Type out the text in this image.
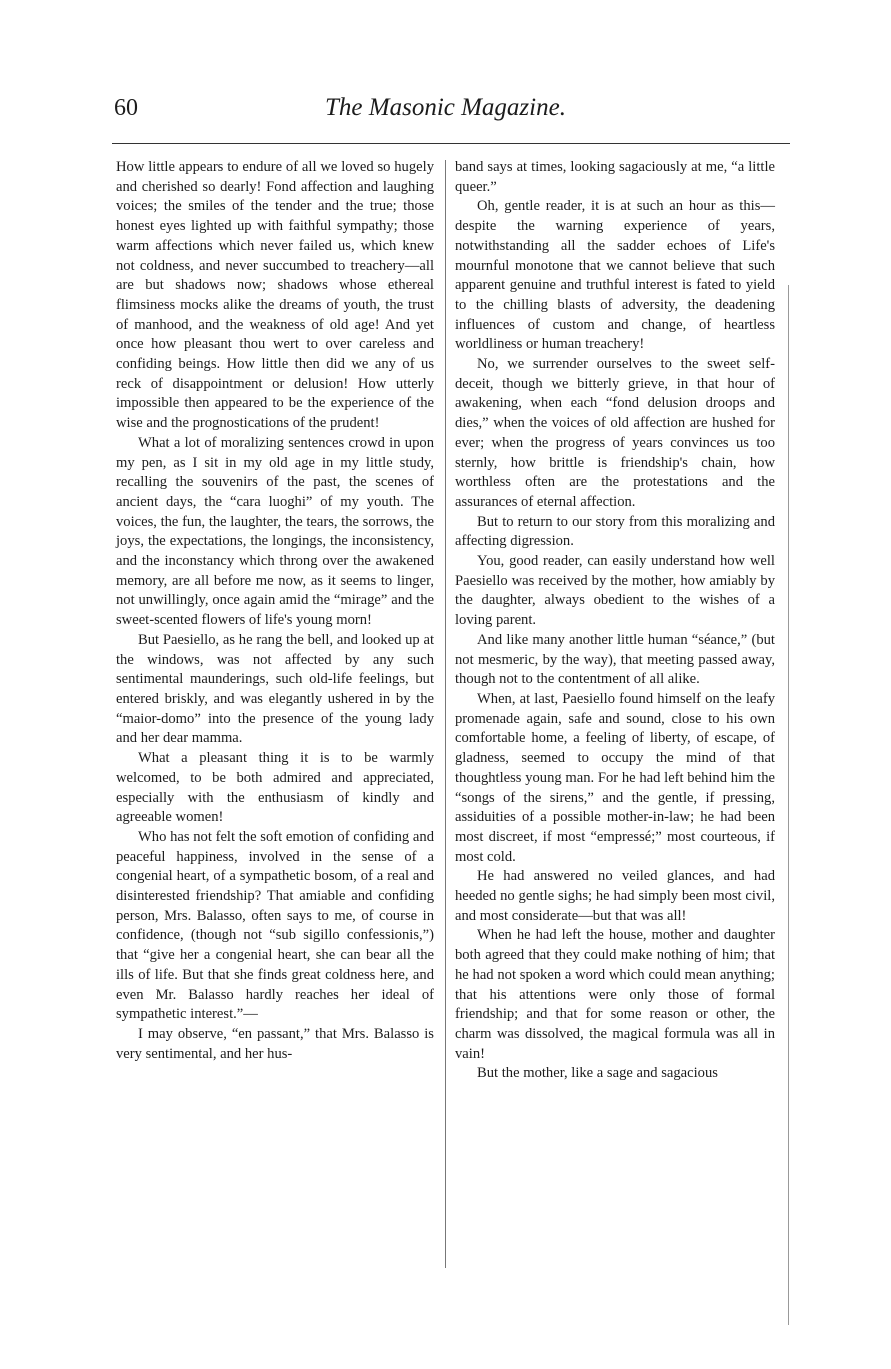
60	The Masonic Magazine.

How little appears to endure of all we loved so hugely and cherished so dearly! Fond affection and laughing voices; the smiles of the tender and the true; those honest eyes lighted up with faithful sympathy; those warm affections which never failed us, which knew not coldness, and never succumbed to treachery—all are but shadows now; shadows whose ethereal flimsiness mocks alike the dreams of youth, the trust of manhood, and the weakness of old age! And yet once how pleasant thou wert to over careless and confiding beings. How little then did we any of us reck of disappointment or delusion! How utterly impossible then appeared to be the experience of the wise and the prognostications of the prudent!

What a lot of moralizing sentences crowd in upon my pen, as I sit in my old age in my little study, recalling the souvenirs of the past, the scenes of ancient days, the “cara luoghi” of my youth. The voices, the fun, the laughter, the tears, the sorrows, the joys, the expectations, the longings, the inconsistency, and the inconstancy which throng over the awakened memory, are all before me now, as it seems to linger, not unwillingly, once again amid the “mirage” and the sweet-scented flowers of life's young morn!

But Paesiello, as he rang the bell, and looked up at the windows, was not affected by any such sentimental maunderings, such old-life feelings, but entered briskly, and was elegantly ushered in by the “maior-domo” into the presence of the young lady and her dear mamma.

What a pleasant thing it is to be warmly welcomed, to be both admired and appreciated, especially with the enthusiasm of kindly and agreeable women!

Who has not felt the soft emotion of confiding and peaceful happiness, involved in the sense of a congenial heart, of a sympathetic bosom, of a real and disinterested friendship? That amiable and confiding person, Mrs. Balasso, often says to me, of course in confidence, (though not “sub sigillo confessionis,”) that “give her a congenial heart, she can bear all the ills of life. But that she finds great coldness here, and even Mr. Balasso hardly reaches her ideal of sympathetic interest.”—

I may observe, “en passant,” that Mrs. Balasso is very sentimental, and her hus-

band says at times, looking sagaciously at me, “a little queer.”

Oh, gentle reader, it is at such an hour as this—despite the warning experience of years, notwithstanding all the sadder echoes of Life's mournful monotone that we cannot believe that such apparent genuine and truthful interest is fated to yield to the chilling blasts of adversity, the deadening influences of custom and change, of heartless worldliness or human treachery!

No, we surrender ourselves to the sweet self-deceit, though we bitterly grieve, in that hour of awakening, when each “fond delusion droops and dies,” when the voices of old affection are hushed for ever; when the progress of years convinces us too sternly, how brittle is friendship's chain, how worthless often are the protestations and the assurances of eternal affection.

But to return to our story from this moralizing and affecting digression.

You, good reader, can easily understand how well Paesiello was received by the mother, how amiably by the daughter, always obedient to the wishes of a loving parent.

And like many another little human “séance,” (but not mesmeric, by the way), that meeting passed away, though not to the contentment of all alike.

When, at last, Paesiello found himself on the leafy promenade again, safe and sound, close to his own comfortable home, a feeling of liberty, of escape, of gladness, seemed to occupy the mind of that thoughtless young man. For he had left behind him the “songs of the sirens,” and the gentle, if pressing, assiduities of a possible mother-in-law; he had been most discreet, if most “empressé;” most courteous, if most cold.

He had answered no veiled glances, and had heeded no gentle sighs; he had simply been most civil, and most considerate—but that was all!

When he had left the house, mother and daughter both agreed that they could make nothing of him; that he had not spoken a word which could mean anything; that his attentions were only those of formal friendship; and that for some reason or other, the charm was dissolved, the magical formula was all in vain!

But the mother, like a sage and sagacious
